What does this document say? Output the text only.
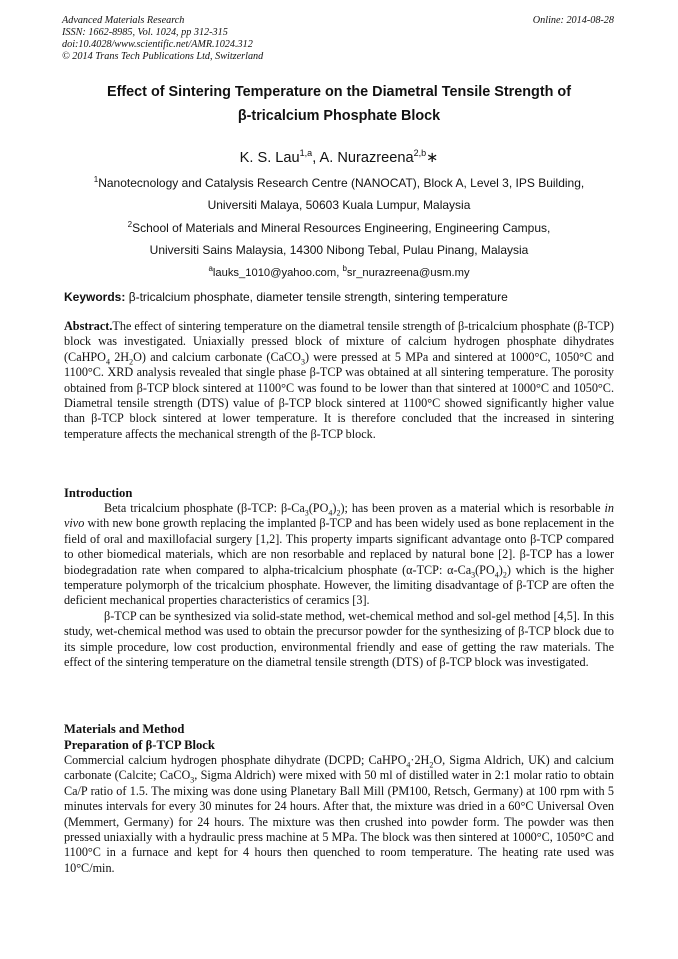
Advanced Materials Research
ISSN: 1662-8985, Vol. 1024, pp 312-315
doi:10.4028/www.scientific.net/AMR.1024.312
© 2014 Trans Tech Publications Ltd, Switzerland
Online: 2014-08-28
Effect of Sintering Temperature on the Diametral Tensile Strength of
β-tricalcium Phosphate Block
K. S. Lau$^{1,a}$, A. Nurazreena$^{2,b}$∗
$^1$Nanotecnology and Catalysis Research Centre (NANOCAT), Block A, Level 3, IPS Building,
Universiti Malaya, 50603 Kuala Lumpur, Malaysia
$^2$School of Materials and Mineral Resources Engineering, Engineering Campus,
Universiti Sains Malaysia, 14300 Nibong Tebal, Pulau Pinang, Malaysia
$^a$lauks_1010@yahoo.com, $^b$sr_nurazreena@usm.my
Keywords: β-tricalcium phosphate, diameter tensile strength, sintering temperature

Abstract.The effect of sintering temperature on the diametral tensile strength of β-tricalcium phosphate (β-TCP) block was investigated. Uniaxially pressed block of mixture of calcium hydrogen phosphate dihydrates (CaHPO$_4$ $2H_2O$) and calcium carbonate (CaCO$_3$) were pressed at 5 MPa and sintered at 1000°C, 1050°C and 1100°C. XRD analysis revealed that single phase β-TCP was obtained at all sintering temperature. The porosity obtained from β-TCP block sintered at 1100°C was found to be lower than that sintered at 1000°C and 1050°C. Diametral tensile strength (DTS) value of β-TCP block sintered at 1100°C showed significantly higher value than β-TCP block sintered at lower temperature. It is therefore concluded that the increased in sintering temperature affects the mechanical strength of the β-TCP block.

Introduction

Beta tricalcium phosphate (β-TCP: $\beta-Ca_3(PO_4)_2$); has been proven as a material which is resorbable in vivo with new bone growth replacing the implanted β-TCP and has been widely used as bone replacement in the field of oral and maxillofacial surgery [1,2]. This property imparts significant advantage onto β-TCP compared to other biomedical materials, which are non resorbable and replaced by natural bone [2]. β-TCP has a lower biodegradation rate when compared to alpha-tricalcium phosphate (α-TCP: $\alpha-Ca_3(PO_4)_2$) which is the higher temperature polymorph of the tricalcium phosphate. However, the limiting disadvantage of β-TCP are often the deficient mechanical properties characteristics of ceramics [3].

β-TCP can be synthesized via solid-state method, wet-chemical method and sol-gel method [4,5]. In this study, wet-chemical method was used to obtain the precursor powder for the synthesizing of β-TCP block due to its simple procedure, low cost production, environmental friendly and ease of getting the raw materials. The effect of the sintering temperature on the diametral tensile strength (DTS) of β-TCP block was investigated.

Materials and Method

Preparation of β-TCP Block

Commercial calcium hydrogen phosphate dihydrate (DCPD; $CaHPO_4\cdot 2H_2O$, Sigma Aldrich, UK) and calcium carbonate (Calcite; CaCO$_3$, Sigma Aldrich) were mixed with 50 ml of distilled water in 2:1 molar ratio to obtain Ca/P ratio of 1.5. The mixing was done using Planetary Ball Mill (PM100, Retsch, Germany) at 100 rpm with 5 minutes intervals for every 30 minutes for 24 hours. After that, the mixture was dried in a 60°C Universal Oven (Memmert, Germany) for 24 hours. The mixture was then crushed into powder form. The powder was then pressed uniaxially with a hydraulic press machine at 5 MPa. The block was then sintered at 1000°C, 1050°C and 1100°C in a furnace and kept for 4 hours then quenched to room temperature. The heating rate used was 10°C/min.
